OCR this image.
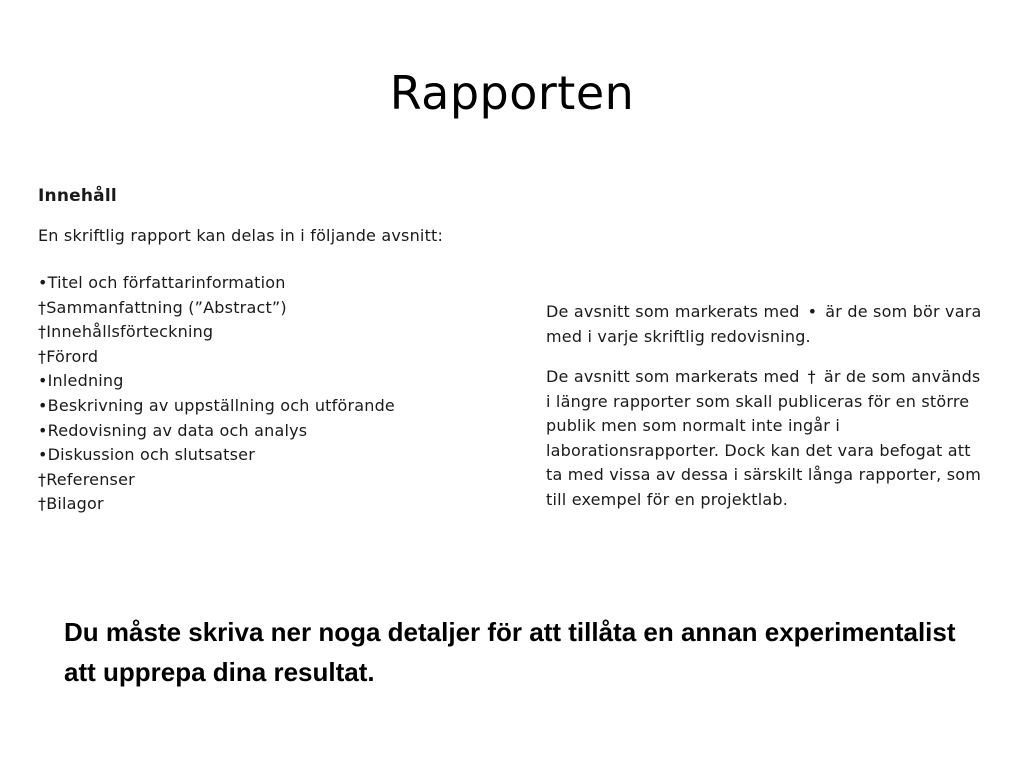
Rapporten
Innehåll
En skriftlig rapport kan delas in i följande avsnitt:
•Titel och författarinformation
†Sammanfattning (”Abstract”)
†Innehållsförteckning
†Förord
•Inledning
•Beskrivning av uppställning och utförande
•Redovisning av data och analys
•Diskussion och slutsatser
†Referenser
†Bilagor

De avsnitt som markerats med • är de som bör vara med i varje skriftlig redovisning.

De avsnitt som markerats med † är de som används i längre rapporter som skall publiceras för en större publik men som normalt inte ingår i laborationsrapporter. Dock kan det vara befogat att ta med vissa av dessa i särskilt långa rapporter, som till exempel för en projektlab.

Du måste skriva ner noga detaljer för att tillåta en annan experimentalist att upprepa dina resultat.
